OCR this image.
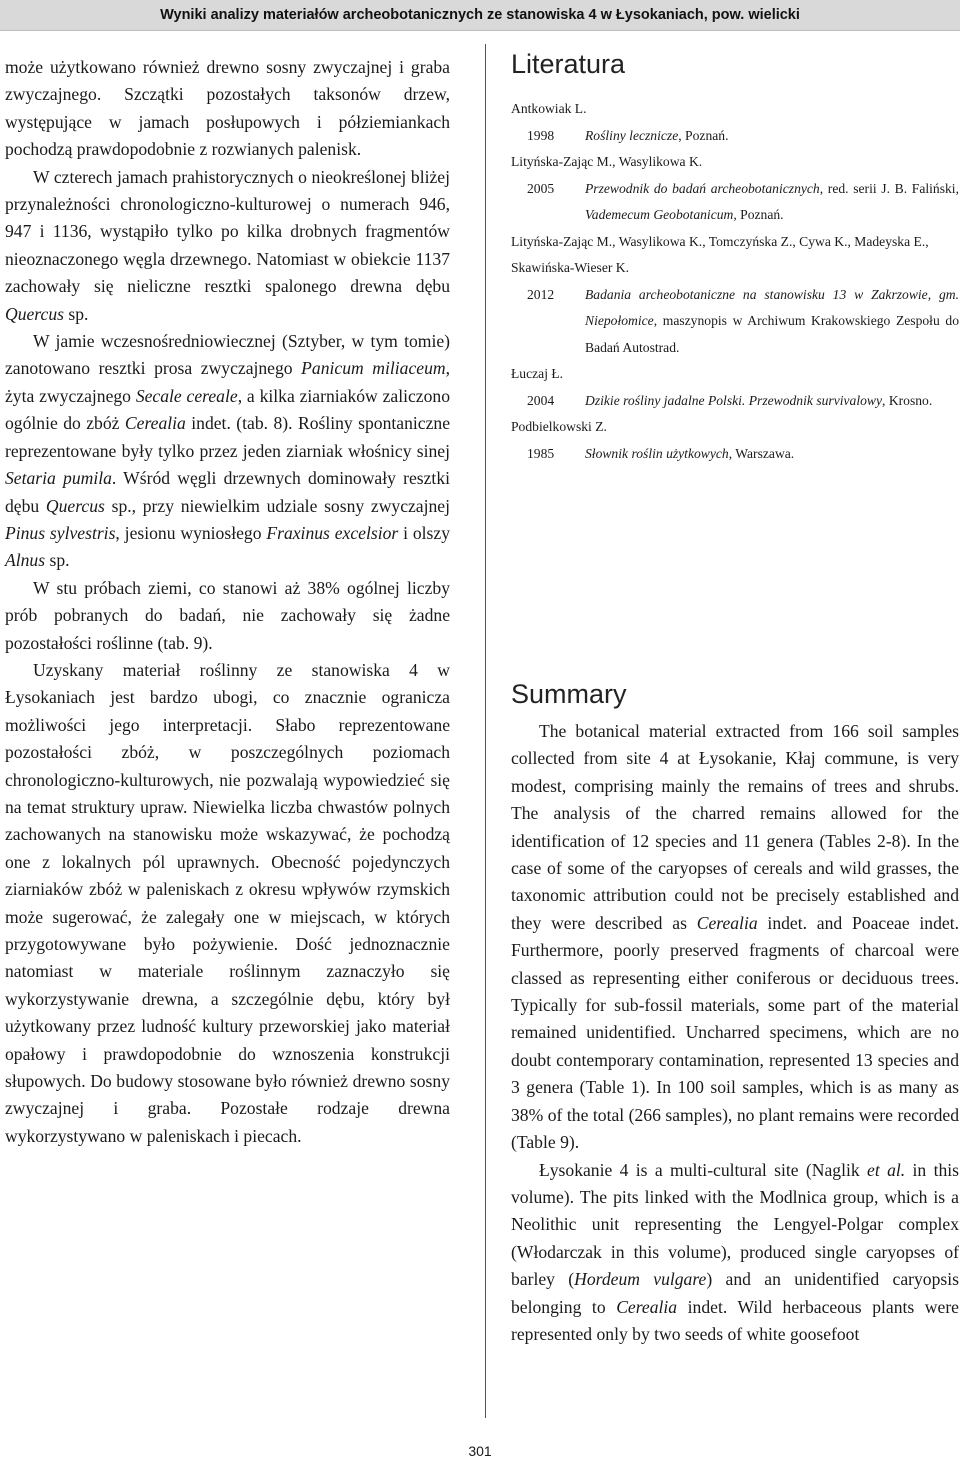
Wyniki analizy materiałów archeobotanicznych ze stanowiska 4 w Łysokaniach, pow. wielicki

może użytkowano również drewno sosny zwyczajnej i graba zwyczajnego. Szczątki pozostałych taksonów drzew, występujące w jamach posłupowych i półziemiankach pochodzą prawdopodobnie z rozwianych palenisk.

W czterech jamach prahistorycznych o nieokreślonej bliżej przynależności chronologiczno-kulturowej o numerach 946, 947 i 1136, wystąpiło tylko po kilka drobnych fragmentów nieoznaczonego węgla drzewnego. Natomiast w obiekcie 1137 zachowały się nieliczne resztki spalonego drewna dębu Quercus sp.

W jamie wczesnośredniowiecznej (Sztyber, w tym tomie) zanotowano resztki prosa zwyczajnego Panicum miliaceum, żyta zwyczajnego Secale cereale, a kilka ziarniaków zaliczono ogólnie do zbóż Cerealia indet. (tab. 8). Rośliny spontaniczne reprezentowane były tylko przez jeden ziarniak włośnicy sinej Setaria pumila. Wśród węgli drzewnych dominowały resztki dębu Quercus sp., przy niewielkim udziale sosny zwyczajnej Pinus sylvestris, jesionu wyniosłego Fraxinus excelsior i olszy Alnus sp.

W stu próbach ziemi, co stanowi aż 38% ogólnej liczby prób pobranych do badań, nie zachowały się żadne pozostałości roślinne (tab. 9).

Uzyskany materiał roślinny ze stanowiska 4 w Łysokaniach jest bardzo ubogi, co znacznie ogranicza możliwości jego interpretacji. Słabo reprezentowane pozostałości zbóż, w poszczególnych poziomach chronologiczno-kulturowych, nie pozwalają wypowiedzieć się na temat struktury upraw. Niewielka liczba chwastów polnych zachowanych na stanowisku może wskazywać, że pochodzą one z lokalnych pól uprawnych. Obecność pojedynczych ziarniaków zbóż w paleniskach z okresu wpływów rzymskich może sugerować, że zalegały one w miejscach, w których przygotowywane było pożywienie. Dość jednoznacznie natomiast w materiale roślinnym zaznaczyło się wykorzystywanie drewna, a szczególnie dębu, który był użytkowany przez ludność kultury przeworskiej jako materiał opałowy i prawdopodobnie do wznoszenia konstrukcji słupowych. Do budowy stosowane było również drewno sosny zwyczajnej i graba. Pozostałe rodzaje drewna wykorzystywano w paleniskach i piecach.

Literatura
Antkowiak L.
1998	Rośliny lecznicze, Poznań.
Lityńska-Zając M., Wasylikowa K.
2005	Przewodnik do badań archeobotanicznych, red. serii J. B. Faliński, Vademecum Geobotanicum, Poznań.
Lityńska-Zając M., Wasylikowa K., Tomczyńska Z., Cywa K., Madeyska E., Skawińska-Wieser K.
2012	Badania archeobotaniczne na stanowisku 13 w Zakrzowie, gm. Niepołomice, maszynopis w Archiwum Krakowskiego Zespołu do Badań Autostrad.
Łuczaj Ł.
2004	Dzikie rośliny jadalne Polski. Przewodnik survivalowy, Krosno.
Podbielkowski Z.
1985	Słownik roślin użytkowych, Warszawa.
Summary

The botanical material extracted from 166 soil samples collected from site 4 at Łysokanie, Kłaj commune, is very modest, comprising mainly the remains of trees and shrubs. The analysis of the charred remains allowed for the identification of 12 species and 11 genera (Tables 2-8). In the case of some of the caryopses of cereals and wild grasses, the taxonomic attribution could not be precisely established and they were described as Cerealia indet. and Poaceae indet. Furthermore, poorly preserved fragments of charcoal were classed as representing either coniferous or deciduous trees. Typically for sub-fossil materials, some part of the material remained unidentified. Uncharred specimens, which are no doubt contemporary contamination, represented 13 species and 3 genera (Table 1). In 100 soil samples, which is as many as 38% of the total (266 samples), no plant remains were recorded (Table 9).

Łysokanie 4 is a multi-cultural site (Naglik et al. in this volume). The pits linked with the Modlnica group, which is a Neolithic unit representing the Lengyel-Polgar complex (Włodarczak in this volume), produced single caryopses of barley (Hordeum vulgare) and an unidentified caryopsis belonging to Cerealia indet. Wild herbaceous plants were represented only by two seeds of white goosefoot

301
